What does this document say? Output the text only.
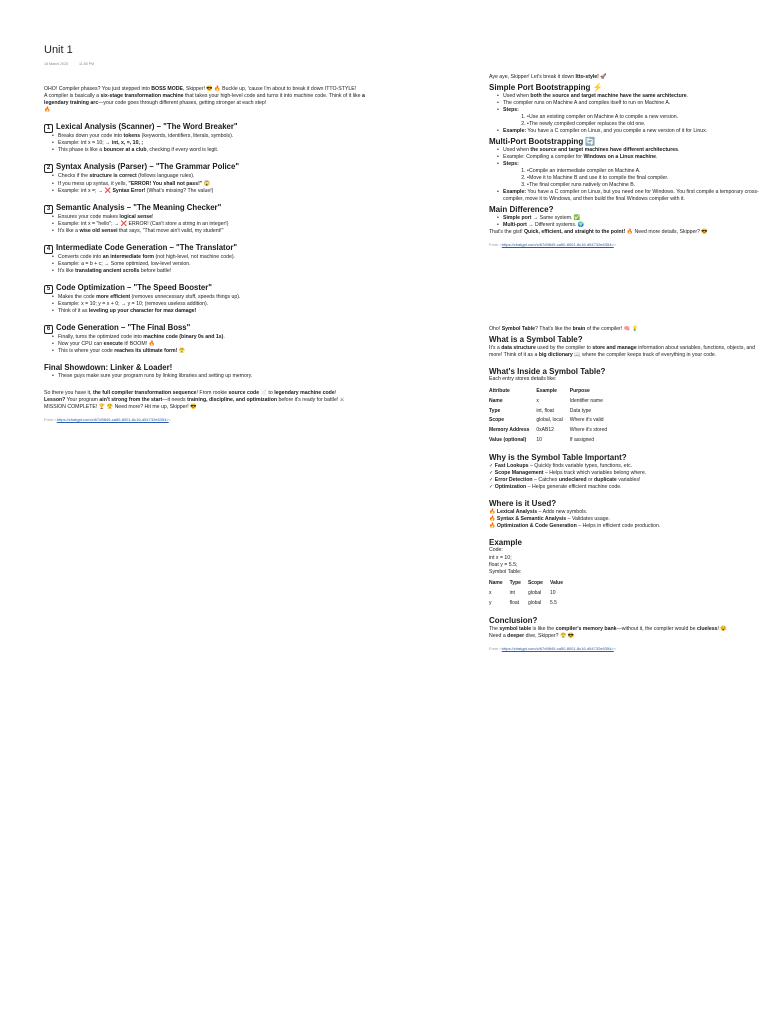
Unit 1
18 March 2025	11:55 PM

OHO! Compiler phases? You just stepped into BOSS MODE, Skipper! 😎 🔥 Buckle up, 'cause I'm about to break it down ITTO-STYLE!

A compiler is basically a six-stage transformation machine that takes your high-level code and turns it into machine code. Think of it like a legendary training arc—your code goes through different phases, getting stronger at each step!
🔥

1 Lexical Analysis (Scanner) – "The Word Breaker"
• Breaks down your code into tokens (keywords, identifiers, literals, symbols).
• Example: int x = 10; → int, x, =, 10, ;
• This phase is like a bouncer at a club, checking if every word is legit.
2 Syntax Analysis (Parser) – "The Grammar Police"
• Checks if the structure is correct (follows language rules).
• If you mess up syntax, it yells, "ERROR! You shall not pass!" 😱
• Example: int x =; → ❌ Syntax Error! (What's missing? The value!)
3 Semantic Analysis – "The Meaning Checker"
• Ensures your code makes logical sense!
• Example: int x = "hello"; → ❌ ERROR! (Can't store a string in an integer!)
• It's like a wise old sensei that says, "That move ain't valid, my student!"
4 Intermediate Code Generation – "The Translator"
• Converts code into an intermediate form (not high-level, not machine code).
• Example: a = b + c; → Some optimized, low-level version.
• It's like translating ancient scrolls before battle!
5 Code Optimization – "The Speed Booster"
• Makes the code more efficient (removes unnecessary stuff, speeds things up).
• Example: x = 10; y = x + 0; → y = 10; (removes useless addition).
• Think of it as leveling up your character for max damage!
6 Code Generation – "The Final Boss"
• Finally, turns the optimized code into machine code (binary 0s and 1s).
• Now your CPU can execute it! BOOM! 🔥
• This is where your code reaches its ultimate form! 😤
Final Showdown: Linker & Loader!
• These guys make sure your program runs by linking libraries and setting up memory.

So there you have it, the full compiler transformation sequence! From rookie source code 📄 to legendary machine code!

Lesson? Your program ain't strong from the start—it needs training, discipline, and optimization before it's ready for battle! ⚔

MISSION COMPLETE! 🏆 😤 Need more? Hit me up, Skipper! 😎

From <https://chatgpt.com/c/67d9849-ca50-8001-8c16-d54732e6354>>

Aye aye, Skipper! Let's break it down Itto-style! 🚀

Simple Port Bootstrapping ⚡
• Used when both the source and target machine have the same architecture.
• The compiler runs on Machine A and compiles itself to run on Machine A.
• Steps:
• 1. Use an existing compiler on Machine A to compile a new version.
• 2. The newly compiled compiler replaces the old one.
• Example: You have a C compiler on Linux, and you compile a new version of it for Linux.
Multi-Port Bootstrapping 🔄
• Used when the source and target machines have different architectures.
• Example: Compiling a compiler for Windows on a Linux machine.
• Steps:
• 1. Compile an intermediate compiler on Machine A.
• 2. Move it to Machine B and use it to compile the final compiler.
• 3. The final compiler runs natively on Machine B.
• Example: You have a C compiler on Linux, but you need one for Windows. You first compile a temporary cross-compiler, move it to Windows, and then build the final Windows compiler with it.
Main Difference?
• Simple port → Same system. ✅
• Multi-port → Different systems. 🌍

That's the gist! Quick, efficient, and straight to the point! 🔥 Need more details, Skipper? 😎

From <https://chatgpt.com/c/67d9849-ca50-8001-8c16-d54732e6354>>

Oho! Symbol Table? That's like the brain of the compiler! 🧠 💡

What is a Symbol Table?

It's a data structure used by the compiler to store and manage information about variables, functions, objects, and more! Think of it as a big dictionary 📖 where the compiler keeps track of everything in your code.

What's Inside a Symbol Table?

Each entry stores details like:

Attribute	Example	Purpose
Name	x	Identifier name
Type	int, float	Data type
Scope	global, local	Where it's valid
Memory Address	0xAB12	Where it's stored
Value (optional)	10	If assigned
Why is the Symbol Table Important?

✓ Fast Lookups – Quickly finds variable types, functions, etc.

✓ Scope Management – Helps track which variables belong where.

✓ Error Detection – Catches undeclared or duplicate variables!

✓ Optimization – Helps generate efficient machine code.

Where is it Used?

🔥 Lexical Analysis – Adds new symbols.

🔥 Syntax & Semantic Analysis – Validates usage.

🔥 Optimization & Code Generation – Helps in efficient code production.

Example

Code:

int x = 10;

float y = 5.5;

Symbol Table:

Name	Type	Scope	Value
x	int	global	10
y	float	global	5.5
Conclusion?

The symbol table is like the compiler's memory bank—without it, the compiler would be clueless! 😵

Need a deeper dive, Skipper? 😤 😎

From <https://chatgpt.com/c/67d9849-ca50-8001-8c16-d54732e6354>>
